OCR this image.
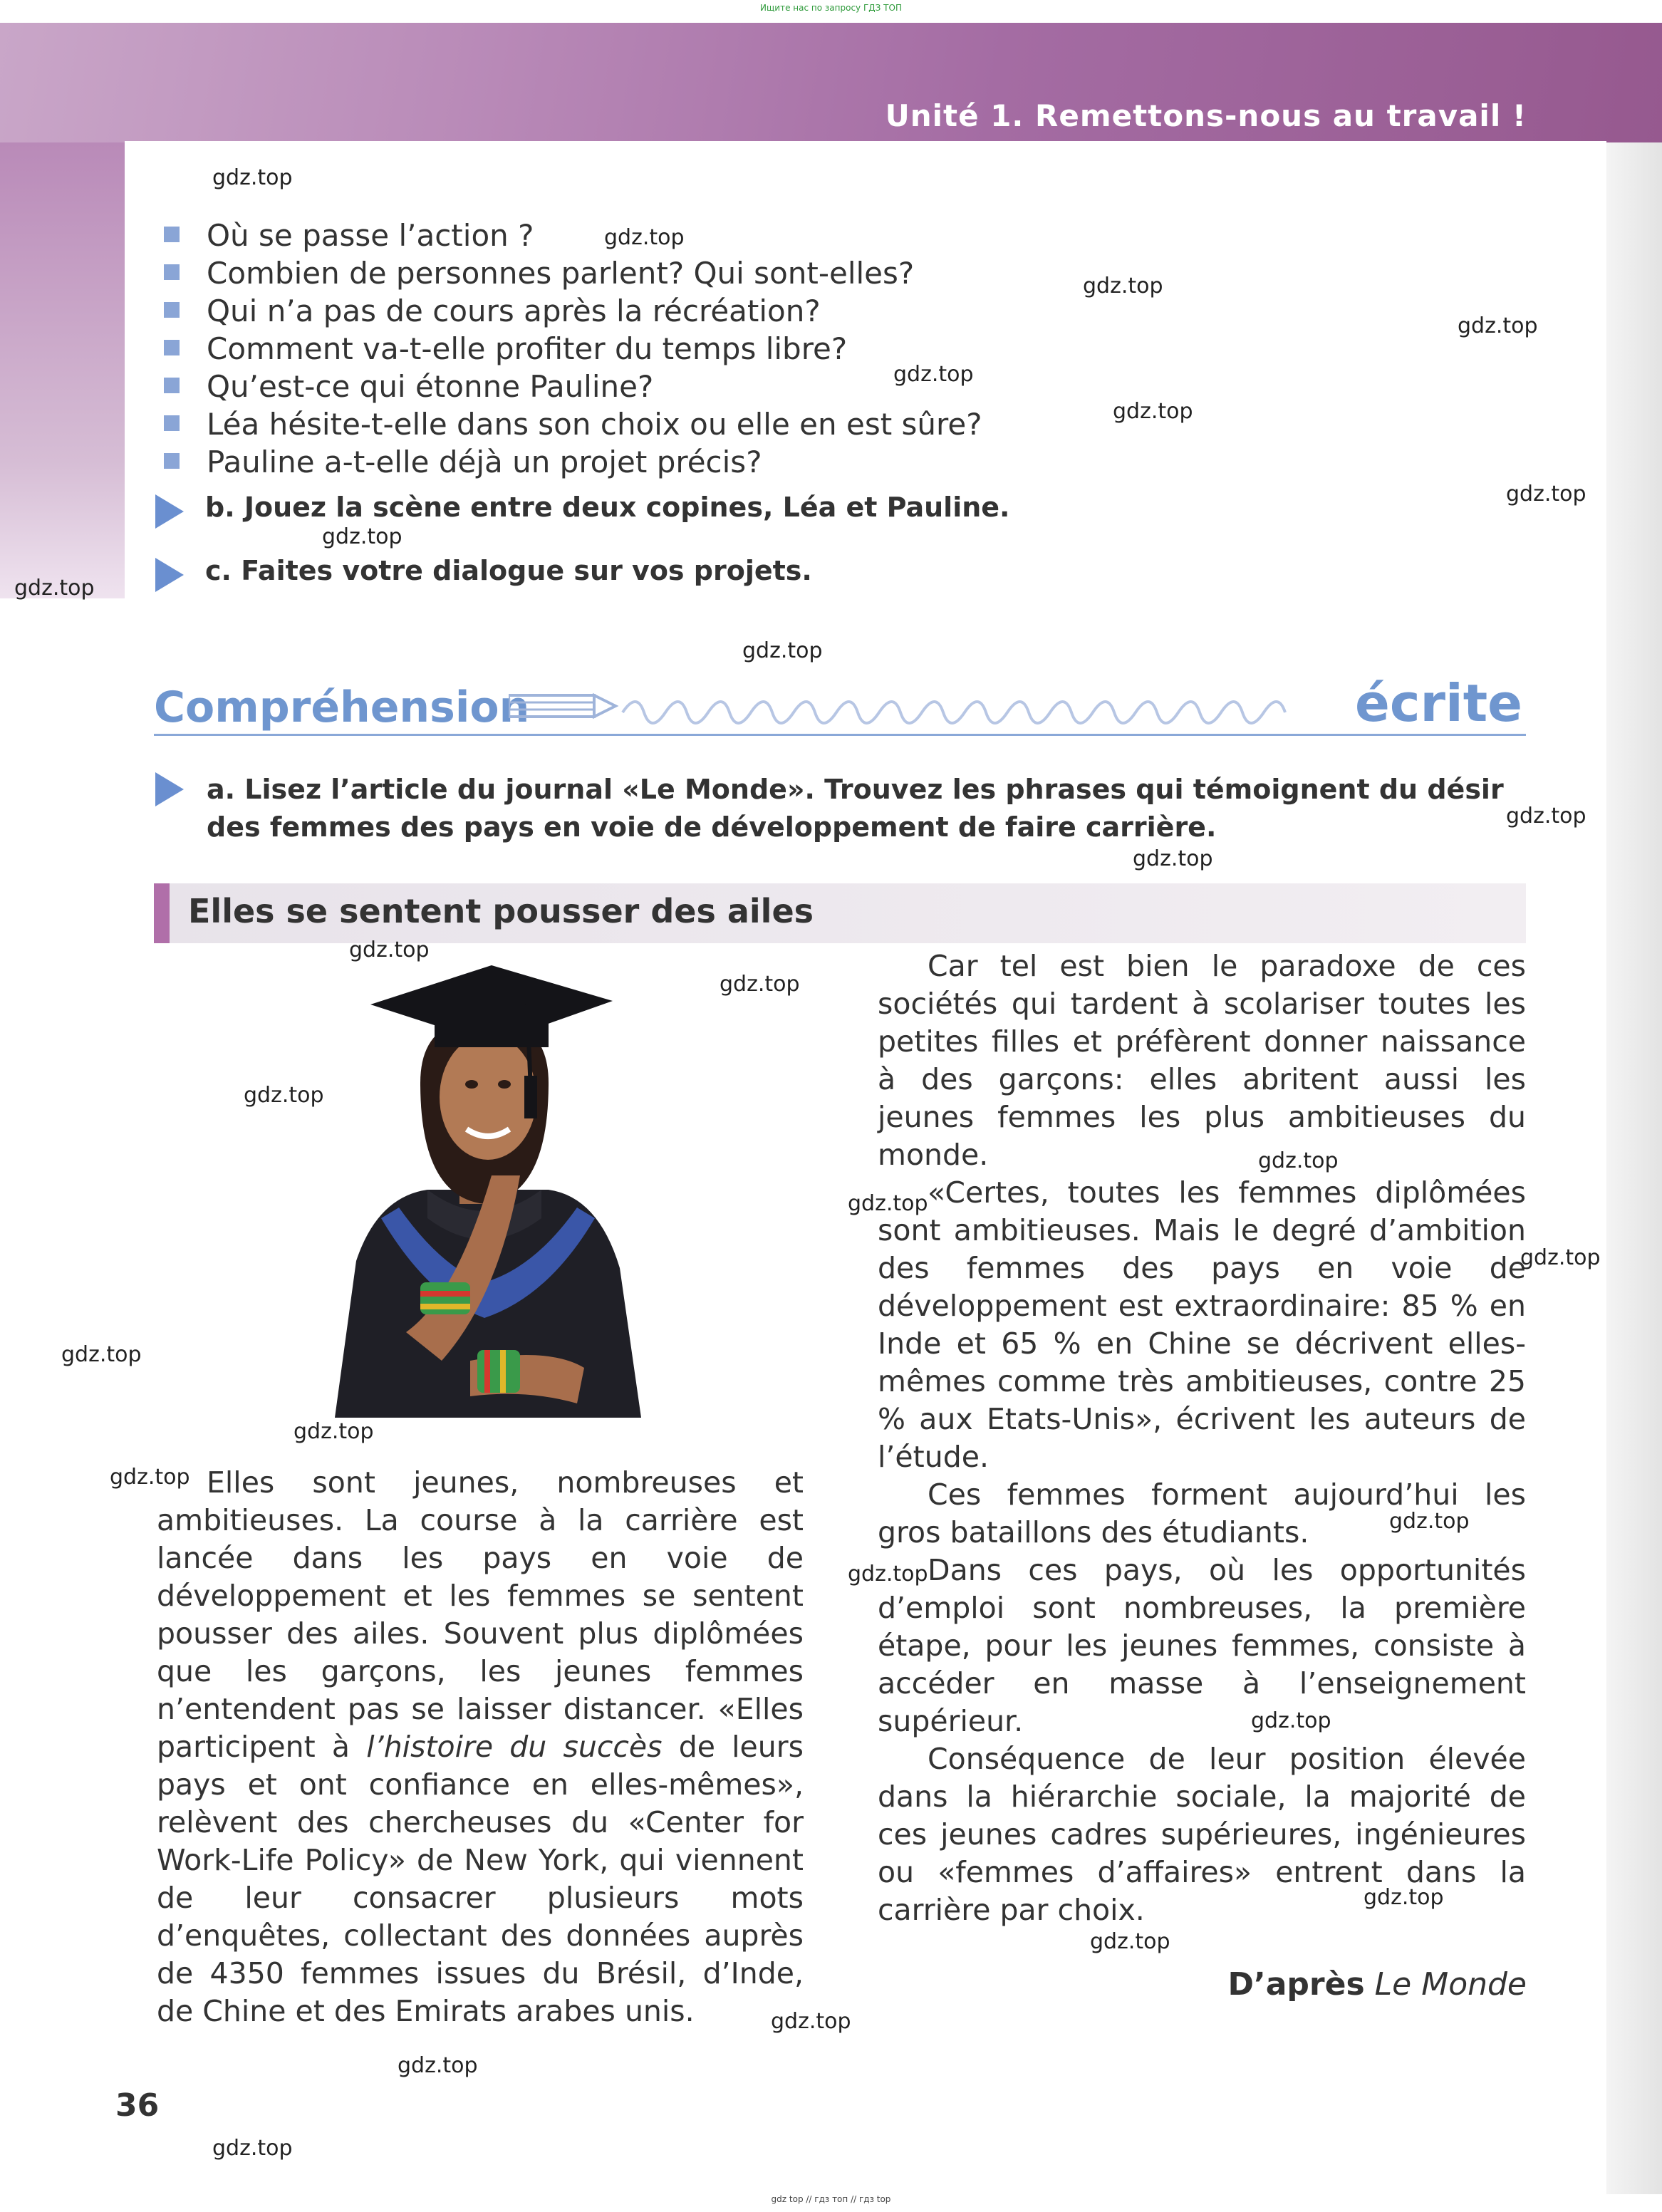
Ищите нас по запросу ГДЗ ТОП
Unité 1. Remettons-nous au travail !
Où se passe l’action ?
Combien de personnes parlent? Qui sont-elles?
Qui n’a pas de cours après la récréation?
Comment va-t-elle profiter du temps libre?
Qu’est-ce qui étonne Pauline?
Léa hésite-t-elle dans son choix ou elle en est sûre?
Pauline a-t-elle déjà un projet précis?
b. Jouez la scène entre deux copines, Léa et Pauline.
c. Faites votre dialogue sur vos projets.
Compréhension	écrite
a. Lisez l’article du journal «Le Monde». Trouvez les phrases qui témoignent du désir des femmes des pays en voie de développement de faire carrière.
Elles se sentent pousser des ailes

Elles sont jeunes, nombreuses et ambitieuses. La course à la carrière est lancée dans les pays en voie de développement et les femmes se sentent pousser des ailes. Souvent plus diplômées que les garçons, les jeunes femmes n’entendent pas se laisser distancer. «Elles participent à l’histoire du succès de leurs pays et ont confiance en elles-mêmes», relèvent des chercheuses du «Center for Work-Life Policy» de New York, qui viennent de leur consacrer plusieurs mots d’enquêtes, collectant des données auprès de 4350 femmes issues du Brésil, d’Inde, de Chine et des Emirats arabes unis.

Car tel est bien le paradoxe de ces sociétés qui tardent à scolariser toutes les petites filles et préfèrent donner naissance à des garçons: elles abritent aussi les jeunes femmes les plus ambitieuses du monde.

«Certes, toutes les femmes diplômées sont ambitieuses. Mais le degré d’ambition des femmes des pays en voie de développement est extraordinaire: 85 % en Inde et 65 % en Chine se décrivent elles-mêmes comme très ambitieuses, contre 25 % aux Etats-Unis», écrivent les auteurs de l’étude.

Ces femmes forment aujourd’hui les gros bataillons des étudiants.

Dans ces pays, où les opportunités d’emploi sont nombreuses, la première étape, pour les jeunes femmes, consiste à accéder en masse à l’enseignement supérieur.

Conséquence de leur position élevée dans la hiérarchie sociale, la majorité de ces jeunes cadres supérieures, ingénieures ou «femmes d’affaires» entrent dans la carrière par choix.

D’après Le Monde
36
gdz.top
gdz.top
gdz.top
gdz.top
gdz.top
gdz.top
gdz.top
gdz.top
gdz.top
gdz.top
gdz.top
gdz.top
gdz.top
gdz.top
gdz.top
gdz.top
gdz.top
gdz.top
gdz.top
gdz.top
gdz.top
gdz.top
gdz.top
gdz.top
gdz.top
gdz.top
gdz.top
gdz.top
gdz.top
gdz top // гдз топ // гдз top
